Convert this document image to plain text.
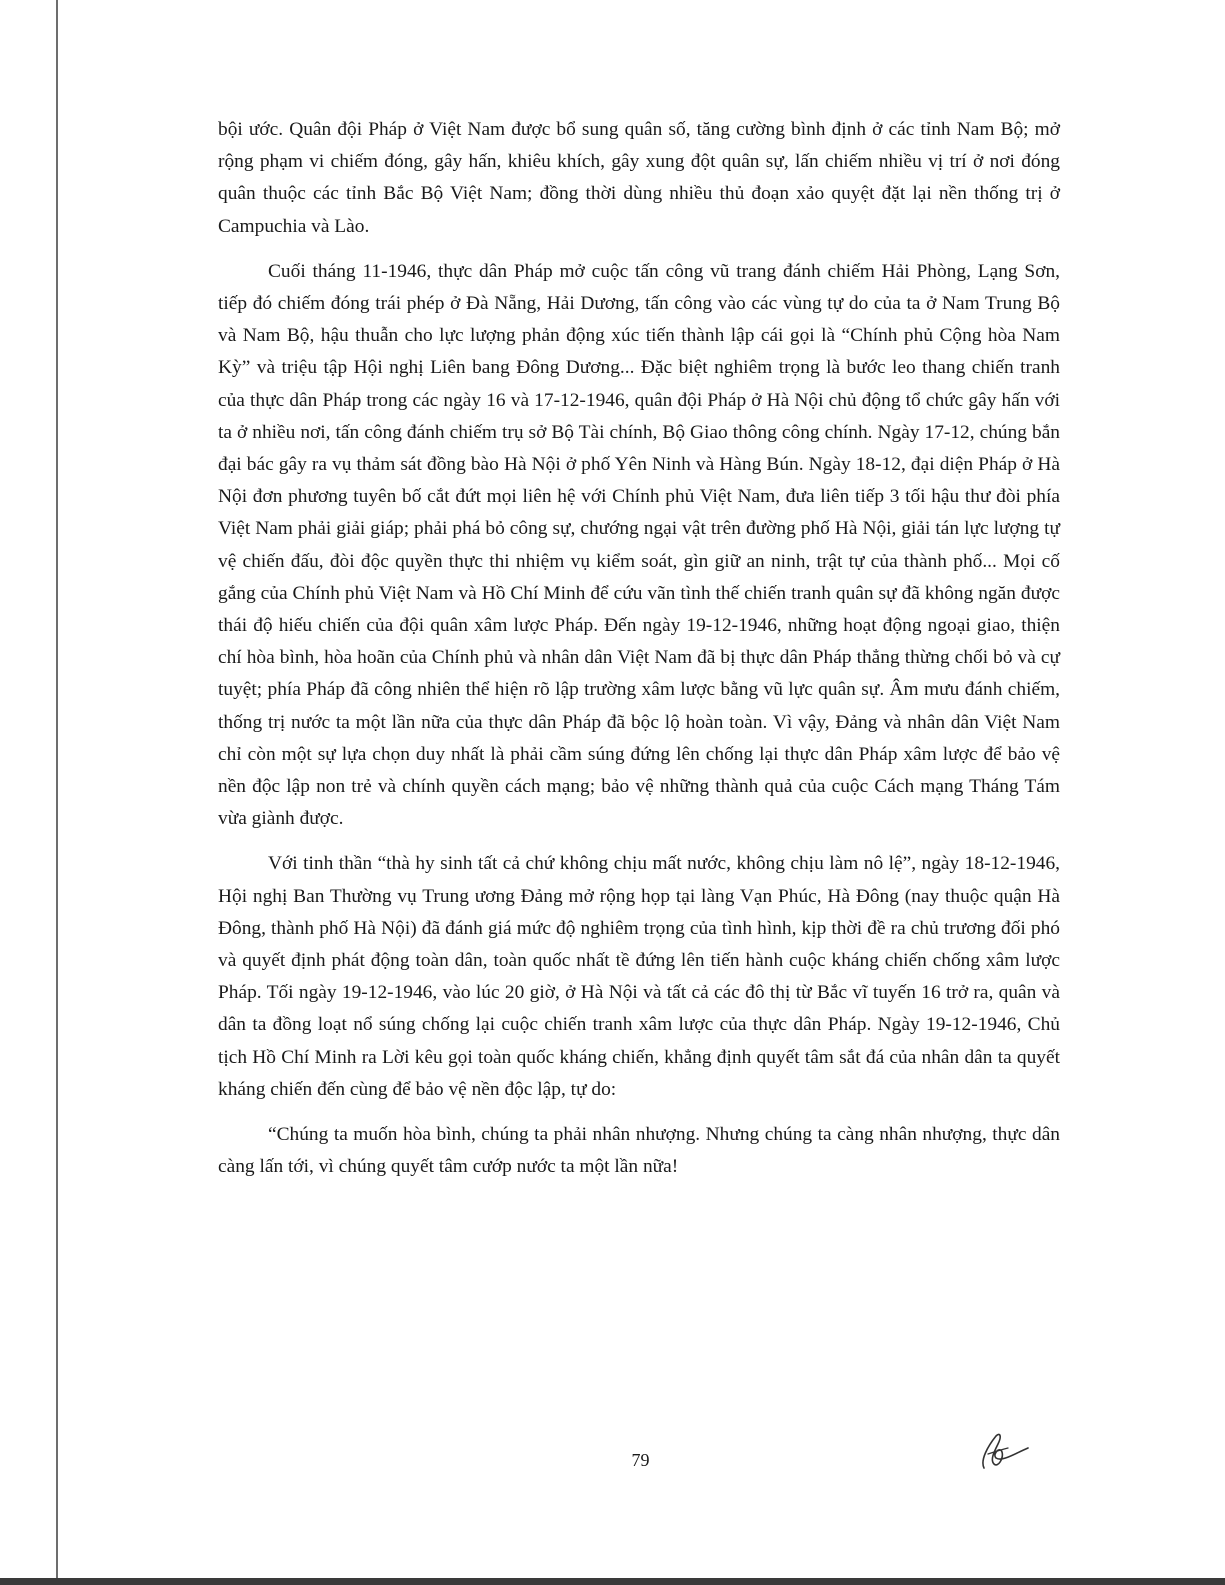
bội ước. Quân đội Pháp ở Việt Nam được bổ sung quân số, tăng cường bình định ở các tỉnh Nam Bộ; mở rộng phạm vi chiếm đóng, gây hấn, khiêu khích, gây xung đột quân sự, lấn chiếm nhiều vị trí ở nơi đóng quân thuộc các tỉnh Bắc Bộ Việt Nam; đồng thời dùng nhiều thủ đoạn xảo quyệt đặt lại nền thống trị ở Campuchia và Lào.

Cuối tháng 11-1946, thực dân Pháp mở cuộc tấn công vũ trang đánh chiếm Hải Phòng, Lạng Sơn, tiếp đó chiếm đóng trái phép ở Đà Nẵng, Hải Dương, tấn công vào các vùng tự do của ta ở Nam Trung Bộ và Nam Bộ, hậu thuẫn cho lực lượng phản động xúc tiến thành lập cái gọi là “Chính phủ Cộng hòa Nam Kỳ” và triệu tập Hội nghị Liên bang Đông Dương... Đặc biệt nghiêm trọng là bước leo thang chiến tranh của thực dân Pháp trong các ngày 16 và 17-12-1946, quân đội Pháp ở Hà Nội chủ động tổ chức gây hấn với ta ở nhiều nơi, tấn công đánh chiếm trụ sở Bộ Tài chính, Bộ Giao thông công chính. Ngày 17-12, chúng bắn đại bác gây ra vụ thảm sát đồng bào Hà Nội ở phố Yên Ninh và Hàng Bún. Ngày 18-12, đại diện Pháp ở Hà Nội đơn phương tuyên bố cắt đứt mọi liên hệ với Chính phủ Việt Nam, đưa liên tiếp 3 tối hậu thư đòi phía Việt Nam phải giải giáp; phải phá bỏ công sự, chướng ngại vật trên đường phố Hà Nội, giải tán lực lượng tự vệ chiến đấu, đòi độc quyền thực thi nhiệm vụ kiểm soát, gìn giữ an ninh, trật tự của thành phố... Mọi cố gắng của Chính phủ Việt Nam và Hồ Chí Minh để cứu vãn tình thế chiến tranh quân sự đã không ngăn được thái độ hiếu chiến của đội quân xâm lược Pháp. Đến ngày 19-12-1946, những hoạt động ngoại giao, thiện chí hòa bình, hòa hoãn của Chính phủ và nhân dân Việt Nam đã bị thực dân Pháp thẳng thừng chối bỏ và cự tuyệt; phía Pháp đã công nhiên thể hiện rõ lập trường xâm lược bằng vũ lực quân sự. Âm mưu đánh chiếm, thống trị nước ta một lần nữa của thực dân Pháp đã bộc lộ hoàn toàn. Vì vậy, Đảng và nhân dân Việt Nam chỉ còn một sự lựa chọn duy nhất là phải cầm súng đứng lên chống lại thực dân Pháp xâm lược để bảo vệ nền độc lập non trẻ và chính quyền cách mạng; bảo vệ những thành quả của cuộc Cách mạng Tháng Tám vừa giành được.

Với tinh thần “thà hy sinh tất cả chứ không chịu mất nước, không chịu làm nô lệ”, ngày 18-12-1946, Hội nghị Ban Thường vụ Trung ương Đảng mở rộng họp tại làng Vạn Phúc, Hà Đông (nay thuộc quận Hà Đông, thành phố Hà Nội) đã đánh giá mức độ nghiêm trọng của tình hình, kịp thời đề ra chủ trương đối phó và quyết định phát động toàn dân, toàn quốc nhất tề đứng lên tiến hành cuộc kháng chiến chống xâm lược Pháp. Tối ngày 19-12-1946, vào lúc 20 giờ, ở Hà Nội và tất cả các đô thị từ Bắc vĩ tuyến 16 trở ra, quân và dân ta đồng loạt nổ súng chống lại cuộc chiến tranh xâm lược của thực dân Pháp. Ngày 19-12-1946, Chủ tịch Hồ Chí Minh ra Lời kêu gọi toàn quốc kháng chiến, khẳng định quyết tâm sắt đá của nhân dân ta quyết kháng chiến đến cùng để bảo vệ nền độc lập, tự do:

“Chúng ta muốn hòa bình, chúng ta phải nhân nhượng. Nhưng chúng ta càng nhân nhượng, thực dân càng lấn tới, vì chúng quyết tâm cướp nước ta một lần nữa!

79
